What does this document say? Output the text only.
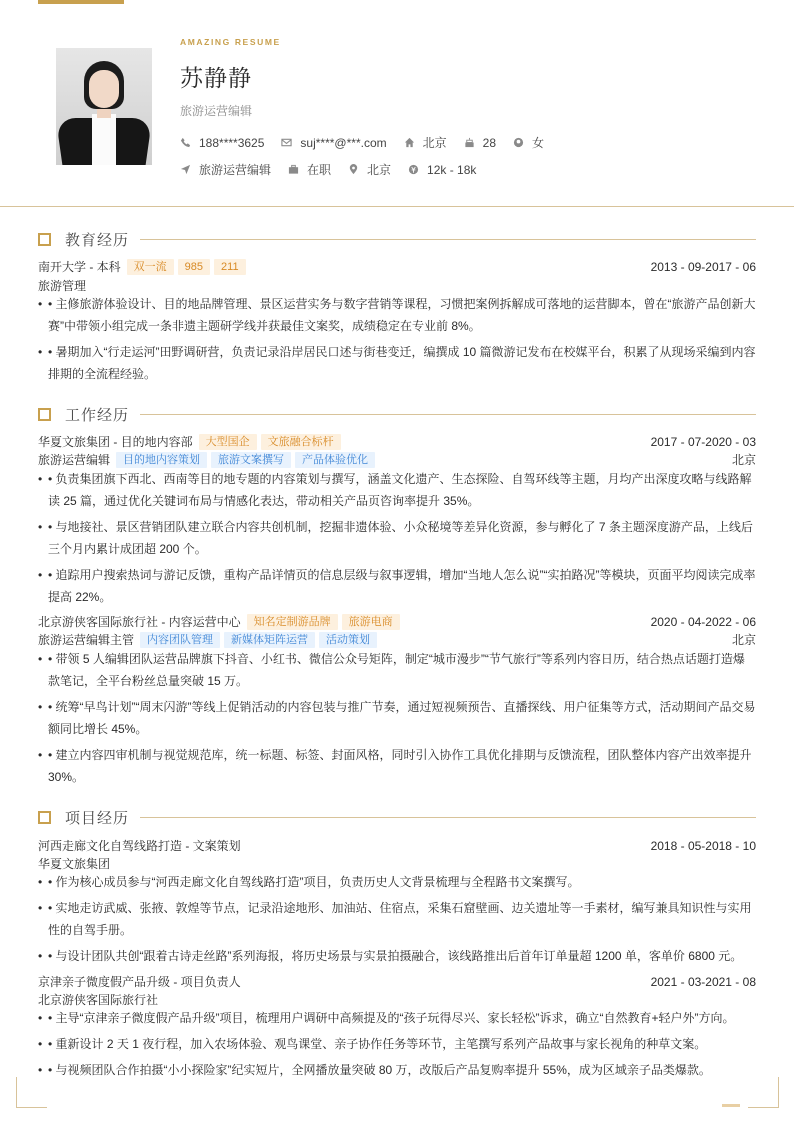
AMAZING RESUME
苏静静
旅游运营编辑
188****3625	suj****@***.com	北京	28	女
旅游运营编辑	在职	北京	12k - 18k
教育经历
南开大学 - 本科	双一流	985	211	2013 - 09-2017 - 06
旅游管理
• • 主修旅游体验设计、目的地品牌管理、景区运营实务与数字营销等课程，习惯把案例拆解成可落地的运营脚本，曾在“旅游产品创新大赛”中带领小组完成一条非遗主题研学线并获最佳文案奖，成绩稳定在专业前 8%。
• • 暑期加入“行走运河”田野调研营，负责记录沿岸居民口述与街巷变迁，编撰成 10 篇微游记发布在校媒平台，积累了从现场采编到内容排期的全流程经验。
工作经历
华夏文旅集团 - 目的地内容部	大型国企	文旅融合标杆	2017 - 07-2020 - 03
旅游运营编辑	目的地内容策划	旅游文案撰写	产品体验优化	北京
• • 负责集团旗下西北、西南等目的地专题的内容策划与撰写，涵盖文化遗产、生态探险、自驾环线等主题，月均产出深度攻略与线路解读 25 篇，通过优化关键词布局与情感化表达，带动相关产品页咨询率提升 35%。
• • 与地接社、景区营销团队建立联合内容共创机制，挖掘非遗体验、小众秘境等差异化资源，参与孵化了 7 条主题深度游产品，上线后三个月内累计成团超 200 个。
• • 追踪用户搜索热词与游记反馈，重构产品详情页的信息层级与叙事逻辑，增加“当地人怎么说”“实拍路况”等模块，页面平均阅读完成率提高 22%。
北京游侠客国际旅行社 - 内容运营中心	知名定制游品牌	旅游电商	2020 - 04-2022 - 06
旅游运营编辑主管	内容团队管理	新媒体矩阵运营	活动策划	北京
• • 带领 5 人编辑团队运营品牌旗下抖音、小红书、微信公众号矩阵，制定“城市漫步”“节气旅行”等系列内容日历，结合热点话题打造爆款笔记，全平台粉丝总量突破 15 万。
• • 统筹“早鸟计划”“周末闪游”等线上促销活动的内容包装与推广节奏，通过短视频预告、直播探线、用户征集等方式，活动期间产品交易额同比增长 45%。
• • 建立内容四审机制与视觉规范库，统一标题、标签、封面风格，同时引入协作工具优化排期与反馈流程，团队整体内容产出效率提升 30%。
项目经历
河西走廊文化自驾线路打造 - 文案策划	2018 - 05-2018 - 10
华夏文旅集团
• • 作为核心成员参与“河西走廊文化自驾线路打造”项目，负责历史人文背景梳理与全程路书文案撰写。
• • 实地走访武威、张掖、敦煌等节点，记录沿途地形、加油站、住宿点，采集石窟壁画、边关遗址等一手素材，编写兼具知识性与实用性的自驾手册。
• • 与设计团队共创“跟着古诗走丝路”系列海报，将历史场景与实景拍摄融合，该线路推出后首年订单量超 1200 单，客单价 6800 元。
京津亲子微度假产品升级 - 项目负责人	2021 - 03-2021 - 08
北京游侠客国际旅行社
• • 主导“京津亲子微度假产品升级”项目，梳理用户调研中高频提及的“孩子玩得尽兴、家长轻松”诉求，确立“自然教育+轻户外”方向。
• • 重新设计 2 天 1 夜行程，加入农场体验、观鸟课堂、亲子协作任务等环节，主笔撰写系列产品故事与家长视角的种草文案。
• • 与视频团队合作拍摄“小小探险家”纪实短片，全网播放量突破 80 万，改版后产品复购率提升 55%，成为区域亲子品类爆款。
